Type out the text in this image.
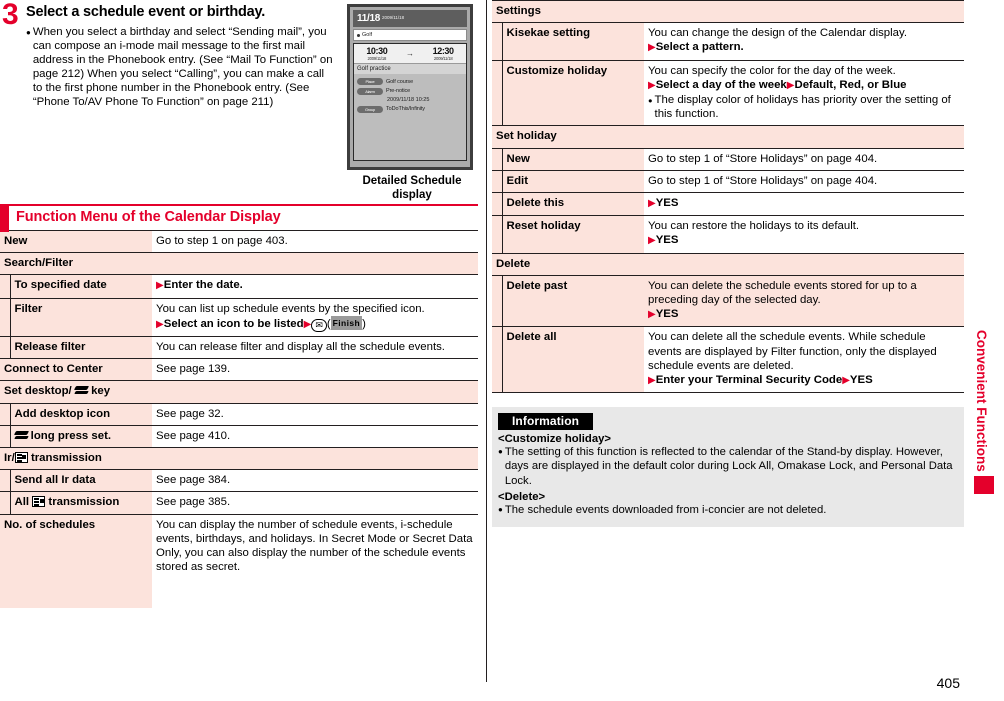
3 Select a schedule event or birthday.
● When you select a birthday and select “Sending mail”, you can compose an i-mode mail message to the first mail address in the Phonebook entry. (See “Mail To Function” on page 212) When you select “Calling”, you can make a call to the first phone number in the Phonebook entry. (See “Phone To/AV Phone To Function” on page 211)
11/18 2009/11/18
Golf
10:30
2009/11/18
→ 12:30
2009/11/18
Golf practice
Place	Golf course
Alarm	Pre-notice
2009/11/18 10:25
Group	ToDoThis/Infinity
Detailed Schedule
display
Function Menu of the Calendar Display
New		Go to step 1 on page 403.
Search/Filter		
	To specified date	▶Enter the date.
	Filter	You can list up schedule events by the specified icon.
▶Select an icon to be listed▶ ✉ ( Finish )
	Release filter	You can release filter and display all the schedule events.
Connect to Center		See page 139.
Set desktop/ key		
	Add desktop icon	See page 32.
	long press set.	See page 410.
Ir/ transmission		
	Send all Ir data	See page 384.
	All transmission	See page 385.
No. of schedules		You can display the number of schedule events, i-schedule events, birthdays, and holidays. In Secret Mode or Secret Data Only, you can also display the number of the schedule events stored as secret.
Settings		
	Kisekae setting	You can change the design of the Calendar display.
▶Select a pattern.
	Customize holiday	You can specify the color for the day of the week.
▶Select a day of the week▶Default, Red, or Blue
● The display color of holidays has priority over the setting of this function.

Set holiday		
	New	Go to step 1 of “Store Holidays” on page 404.
	Edit	Go to step 1 of “Store Holidays” on page 404.
	Delete this	▶YES
	Reset holiday	You can restore the holidays to its default.
▶YES
Delete		
	Delete past	You can delete the schedule events stored for up to a preceding day of the selected day.
▶YES
	Delete all	You can delete all the schedule events. While schedule events are displayed by Filter function, only the displayed schedule events are deleted.
▶Enter your Terminal Security Code▶YES
Information
<Customize holiday>
● The setting of this function is reflected to the calendar of the Stand-by display. However, days are displayed in the default color during Lock All, Omakase Lock, and Personal Data Lock.
<Delete>
● The schedule events downloaded from i-concier are not deleted.
Convenient Functions
405
